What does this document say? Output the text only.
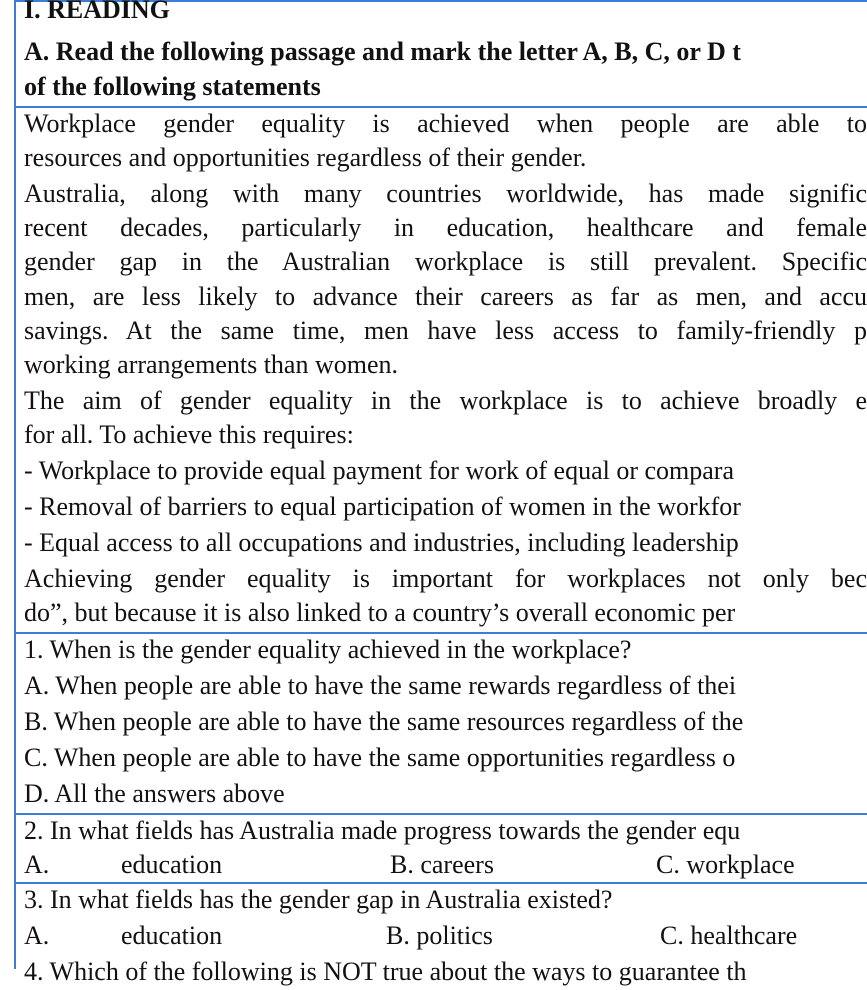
I. READING
A. Read the following passage and mark the letter A, B, C, or D t
of the following statements
Workplace gender equality is achieved when people are able to
resources and opportunities regardless of their gender.
Australia, along with many countries worldwide, has made signific
recent decades, particularly in education, healthcare and female
gender gap in the Australian workplace is still prevalent. Specific
men, are less likely to advance their careers as far as men, and accu
savings. At the same time, men have less access to family-friendly p
working arrangements than women.
The aim of gender equality in the workplace is to achieve broadly e
for all. To achieve this requires:
- Workplace to provide equal payment for work of equal or compara
- Removal of barriers to equal participation of women in the workfor
- Equal access to all occupations and industries, including leadership
Achieving gender equality is important for workplaces not only bec
do”, but because it is also linked to a country’s overall economic per
1. When is the gender equality achieved in the workplace?
A. When people are able to have the same rewards regardless of thei
B. When people are able to have the same resources regardless of the
C. When people are able to have the same opportunities regardless o
D. All the answers above
2. In what fields has Australia made progress towards the gender equ
A.	education	B. careers	C. workplace
3. In what fields has the gender gap in Australia existed?
A.	education	B. politics	C. healthcare
4. Which of the following is NOT true about the ways to guarantee th
